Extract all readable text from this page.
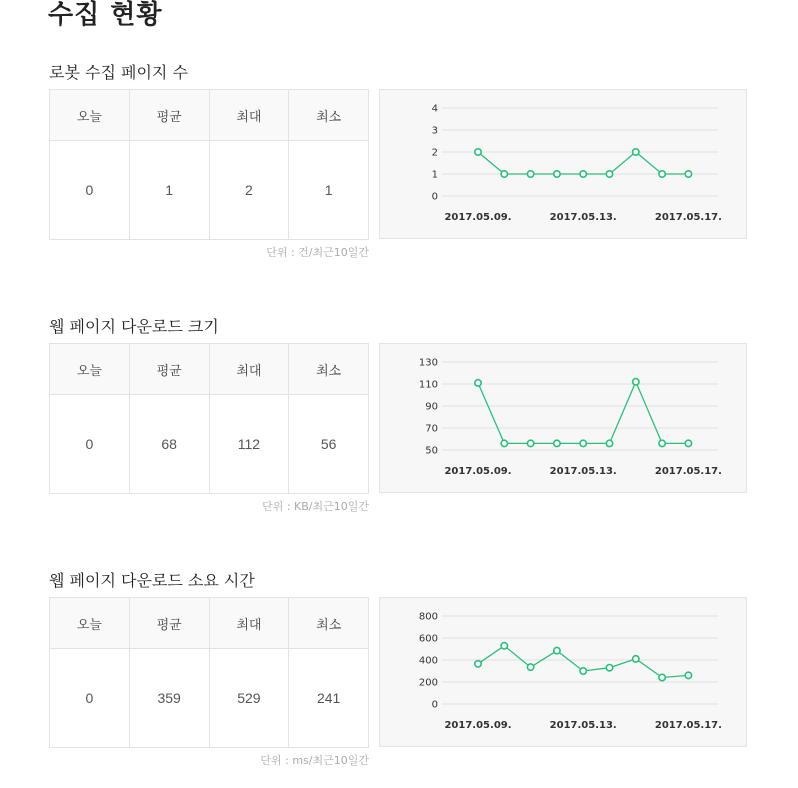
수집 현황
로봇 수집 페이지 수
오늘	평균	최대	최소
0	1	2	1	0
1
2
3
4
2017.05.09.	2017.05.13.	2017.05.17.
단위 : 건/최근10일간
웹 페이지 다운로드 크기
오늘	평균	최대	최소
0	68	112	56	50
70
90
110
130
2017.05.09.	2017.05.13.	2017.05.17.
단위 : KB/최근10일간
웹 페이지 다운로드 소요 시간
오늘	평균	최대	최소
0	359	529	241	0
200
400
600
800
2017.05.09.	2017.05.13.	2017.05.17.
단위 : ms/최근10일간
